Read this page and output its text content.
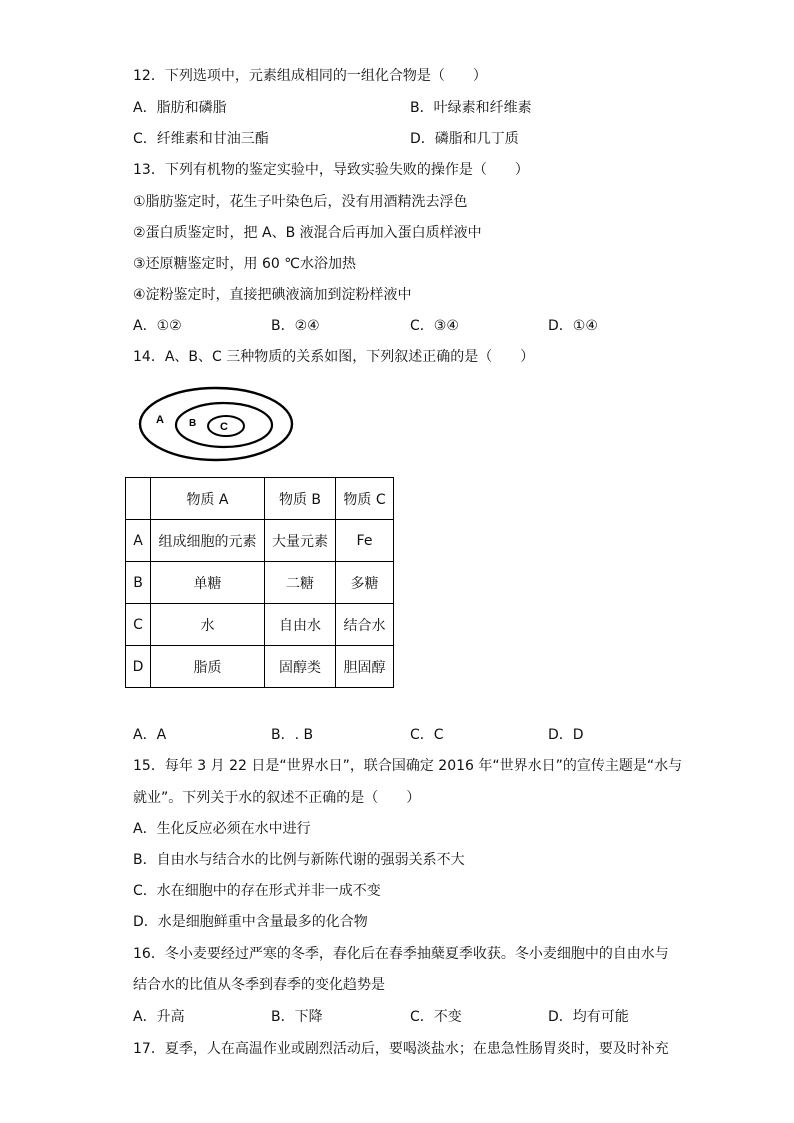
12．下列选项中，元素组成相同的一组化合物是（　　）
A．脂肪和磷脂	B．叶绿素和纤维素
C．纤维素和甘油三酯	D．磷脂和几丁质
13．下列有机物的鉴定实验中，导致实验失败的操作是（　　）
①脂肪鉴定时，花生子叶染色后，没有用酒精洗去浮色
②蛋白质鉴定时，把 A、B 液混合后再加入蛋白质样液中
③还原糖鉴定时，用 60 ℃水浴加热
④淀粉鉴定时，直接把碘液滴加到淀粉样液中
A．①②	B．②④	C．③④	D．①④
14．A、B、C 三种物质的关系如图，下列叙述正确的是（　　）
A	B C
	物质 A	物质 B	物质 C
A	组成细胞的元素	大量元素	Fe
B	单糖	二糖	多糖
C	水	自由水	结合水
D	脂质	固醇类	胆固醇
A．A	B．. B	C．C	D．D
15．每年 3 月 22 日是“世界水日”，联合国确定 2016 年“世界水日”的宣传主题是“水与
就业”。下列关于水的叙述不正确的是（　　）
A．生化反应必须在水中进行
B．自由水与结合水的比例与新陈代谢的强弱关系不大
C．水在细胞中的存在形式并非一成不变
D．水是细胞鲜重中含量最多的化合物
16．冬小麦要经过严寒的冬季，春化后在春季抽蘖夏季收获。冬小麦细胞中的自由水与
结合水的比值从冬季到春季的变化趋势是
A．升高	B．下降	C．不变	D．均有可能
17．夏季，人在高温作业或剧烈活动后，要喝淡盐水；在患急性肠胃炎时，要及时补充
